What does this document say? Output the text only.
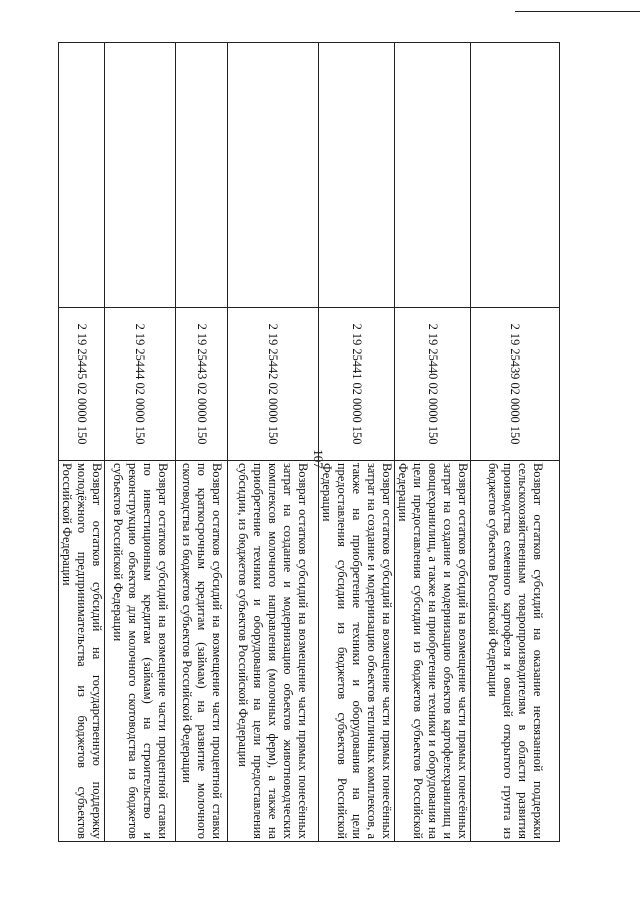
107
	2 19 25439 02 0000 150	Возврат остатков субсидий на оказание несвязанной поддержки сельскохозяйственным товаропроизводителям в области развития производства семенного картофеля и овощей открытого грунта из бюджетов субъектов Российской Федерации
	2 19 25440 02 0000 150	Возврат остатков субсидий на возмещение части прямых понесённых затрат на создание и модернизацию объектов картофелехранилищ и овощехранилищ, а также на приобретение техники и оборудования на цели предоставления субсидии из бюджетов субъектов Российской Федерации
	2 19 25441 02 0000 150	Возврат остатков субсидий на возмещение части прямых понесённых затрат на создание и модернизацию объектов тепличных комплексов, а также на приобретение техники и оборудования на цели предоставления субсидии из бюджетов субъектов Российской Федерации
	2 19 25442 02 0000 150	Возврат остатков субсидий на возмещение части прямых понесённых затрат на создание и модернизацию объектов животноводческих комплексов молочного направления (молочных ферм), а также на приобретение техники и оборудования на цели предоставления субсидии, из бюджетов субъектов Российской Федерации
	2 19 25443 02 0000 150	Возврат остатков субсидий на возмещение части процентной ставки по краткосрочным кредитам (займам) на развитие молочного скотоводства из бюджетов субъектов Российской Федерации
	2 19 25444 02 0000 150	Возврат остатков субсидий на возмещение части процентной ставки по инвестиционным кредитам (займам) на строительство и реконструкцию объектов для молочного скотоводства из бюджетов субъектов Российской Федерации
	2 19 25445 02 0000 150	Возврат остатков субсидий на государственную поддержку молодёжного предпринимательства из бюджетов субъектов Российской Федерации
